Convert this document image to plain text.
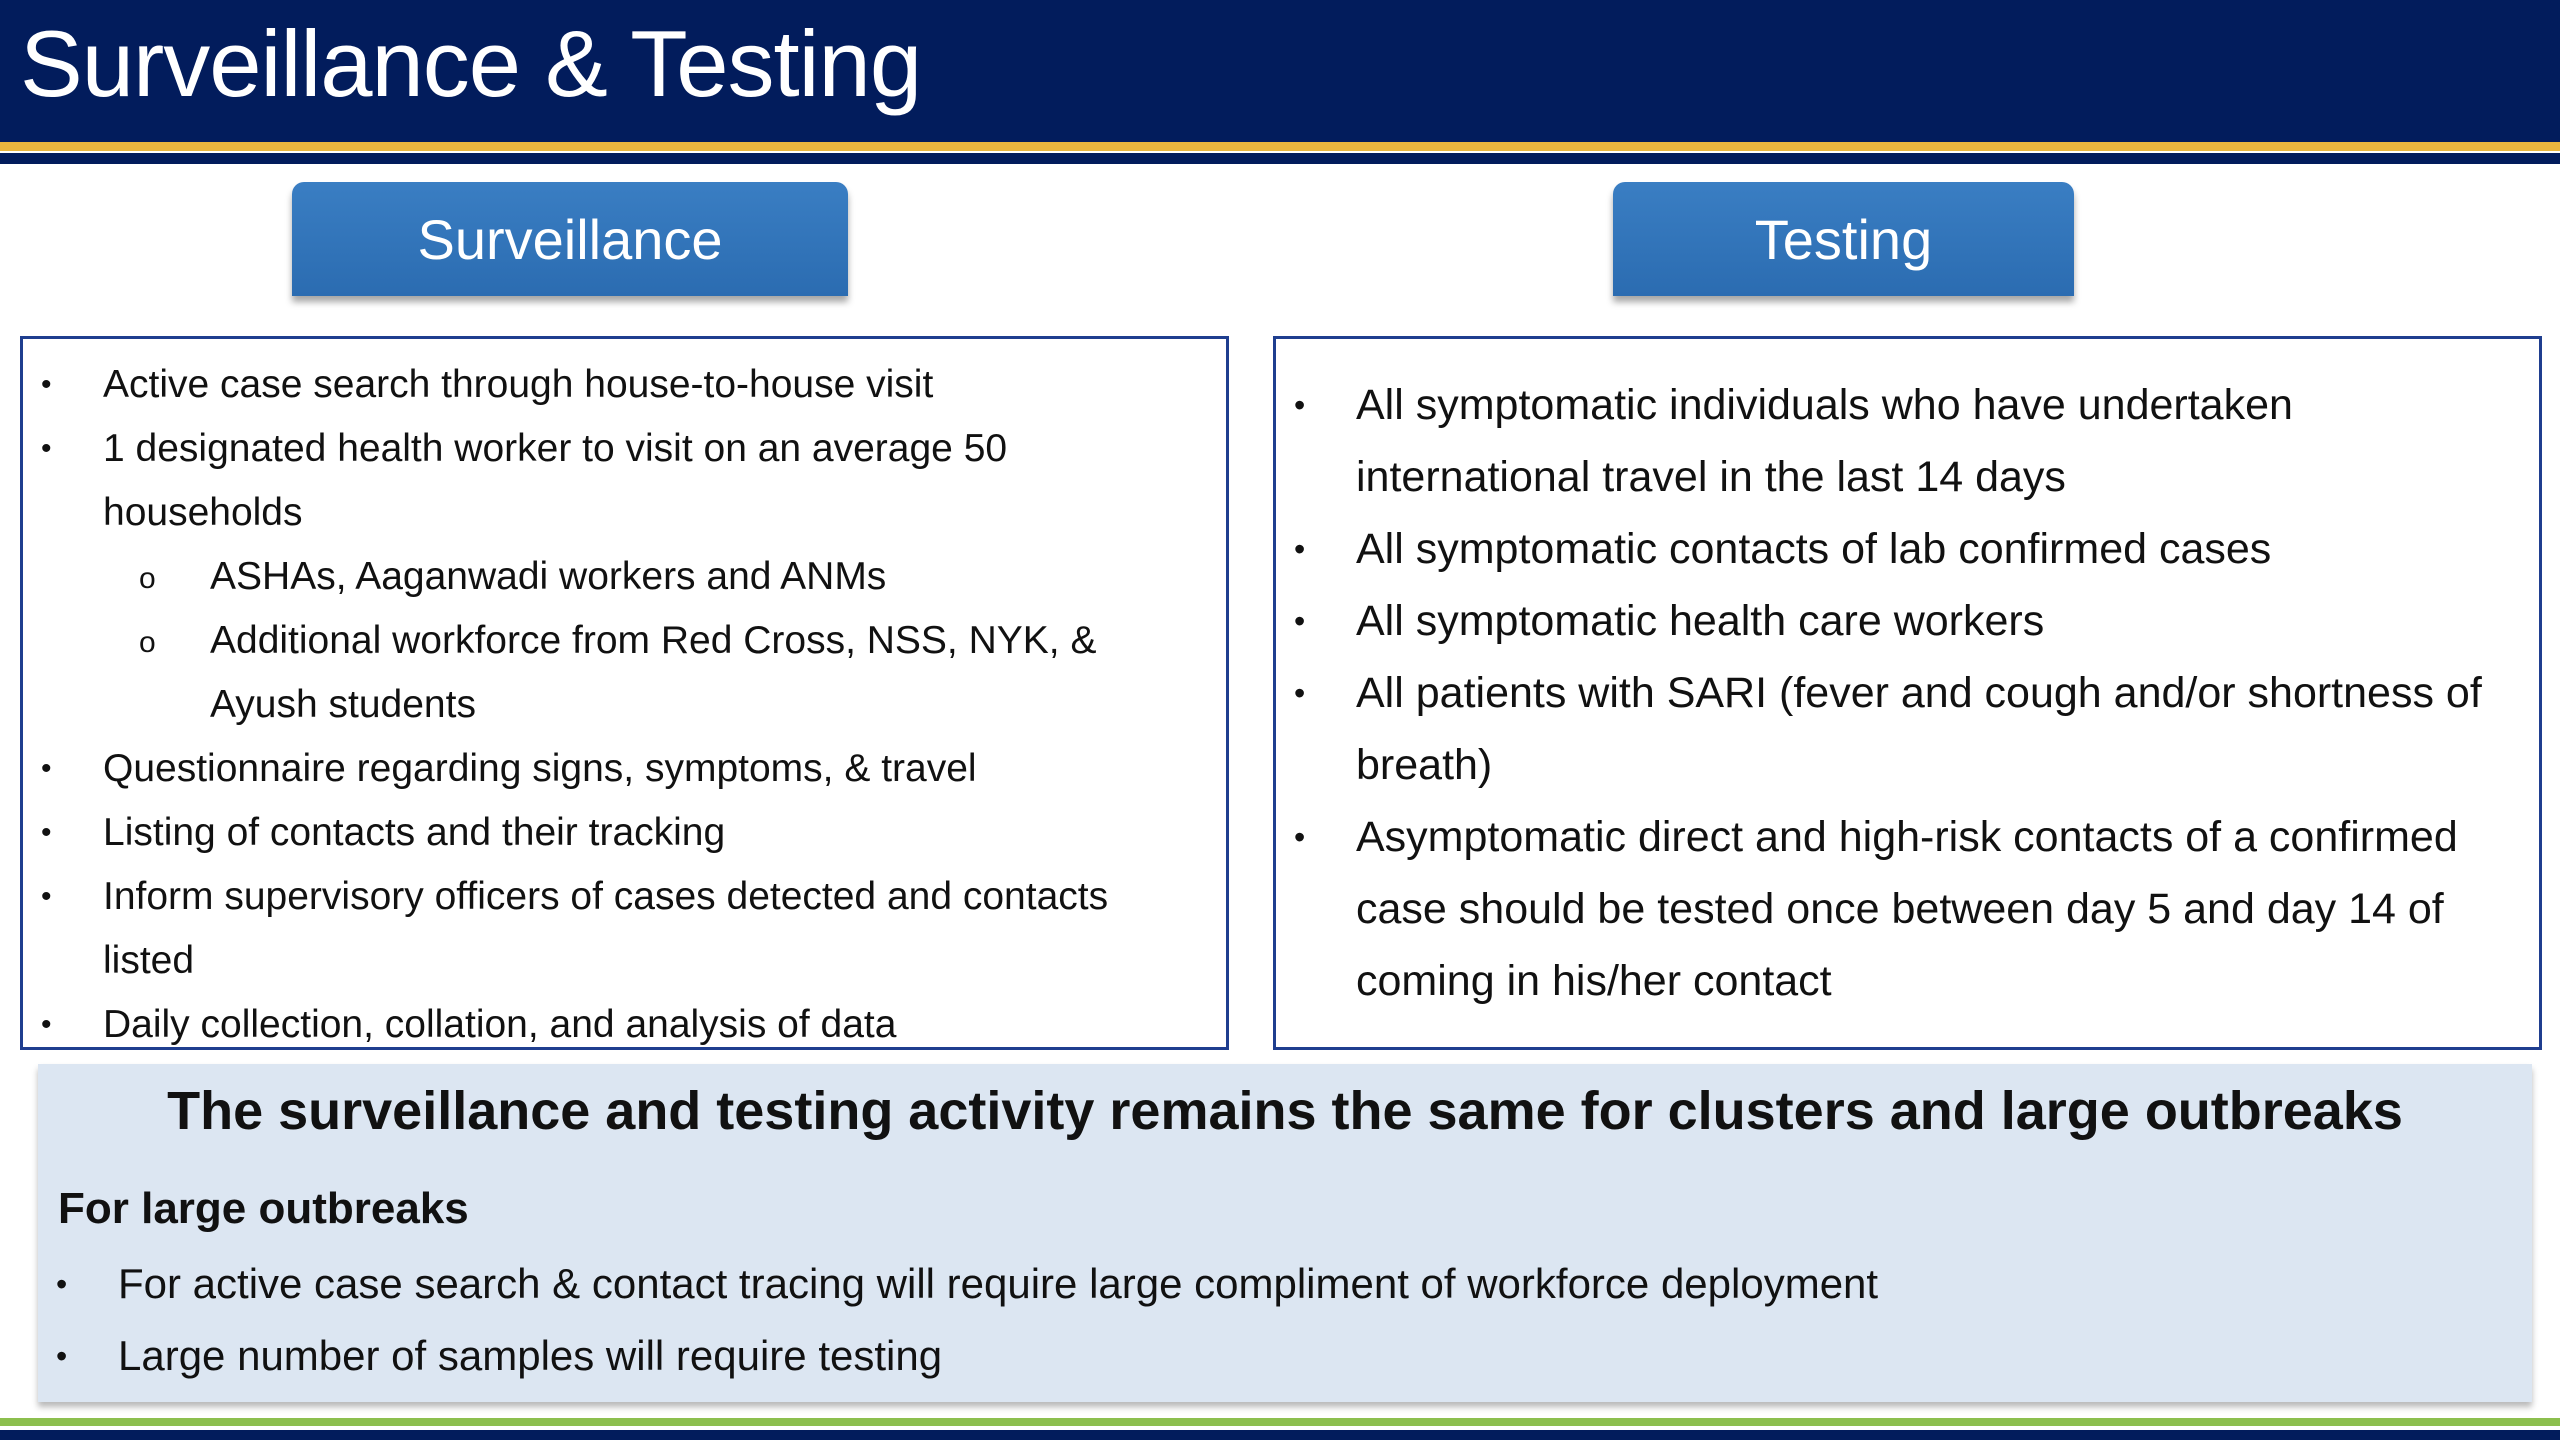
Surveillance & Testing
Surveillance	Testing
• Active case search through house-to-house visit
• 1 designated health worker to visit on an average 50 households
o ASHAs, Aaganwadi workers and ANMs
o Additional workforce from Red Cross, NSS, NYK, & Ayush students
• Questionnaire regarding signs, symptoms, & travel
• Listing of contacts and their tracking
• Inform supervisory officers of cases detected and contacts listed
• Daily collection, collation, and analysis of data
• All symptomatic individuals who have undertaken international travel in the last 14 days
• All symptomatic contacts of lab confirmed cases
• All symptomatic health care workers
• All patients with SARI (fever and cough and/or shortness of breath)
• Asymptomatic direct and high-risk contacts of a confirmed case should be tested once between day 5 and day 14 of coming in his/her contact
The surveillance and testing activity remains the same for clusters and large outbreaks
For large outbreaks
• For active case search & contact tracing will require large compliment of workforce deployment
• Large number of samples will require testing
